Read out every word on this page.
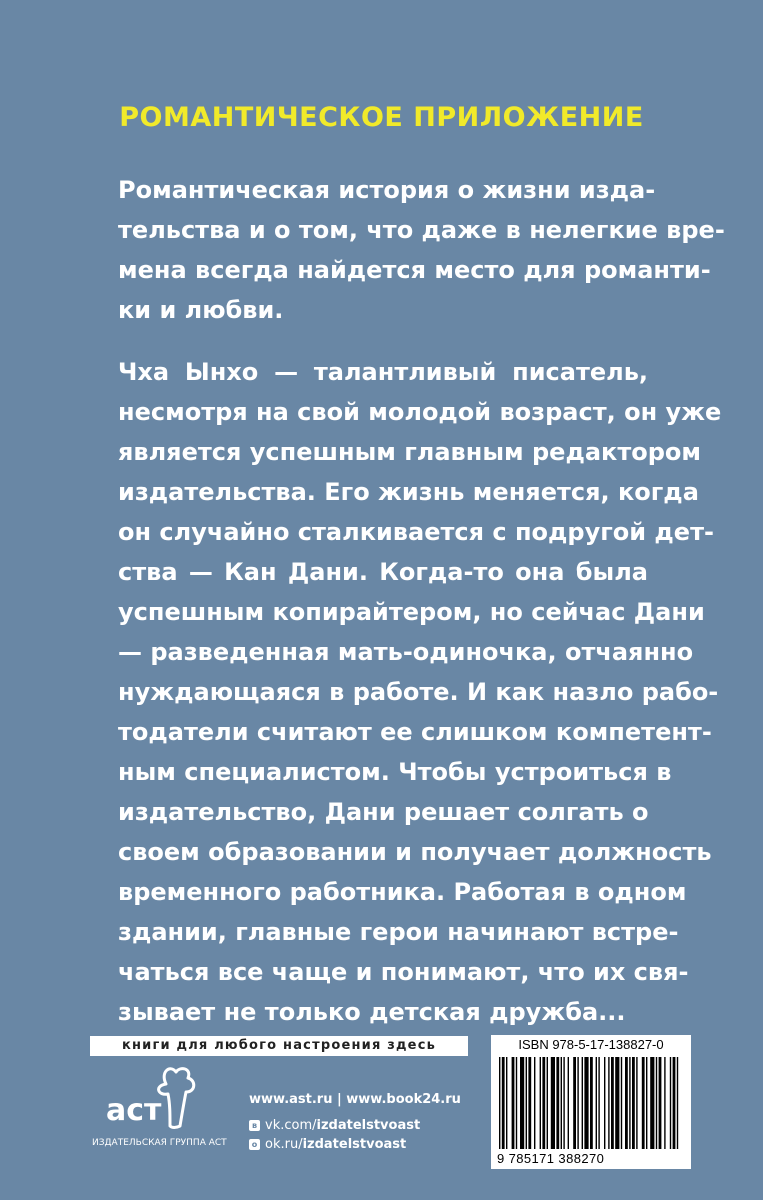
РОМАНТИЧЕСКОЕ ПРИЛОЖЕНИЕ

Романтическая история о жизни изда-
тельства и о том, что даже в нелегкие вре-
мена всегда найдется место для романти-
ки и любви.

Чха Ынхо — талантливый писатель,
несмотря на свой молодой возраст, он уже
является успешным главным редактором
издательства. Его жизнь меняется, когда
он случайно сталкивается с подругой дет-
ства — Кан Дани. Когда-то она была
успешным копирайтером, но сейчас Дани
— разведенная мать-одиночка, отчаянно
нуждающаяся в работе. И как назло рабо-
тодатели считают ее слишком компетент-
ным специалистом. Чтобы устроиться в
издательство, Дани решает солгать о
своем образовании и получает должность
временного работника. Работая в одном
здании, главные герои начинают встре-
чаться все чаще и понимают, что их свя-
зывает не только детская дружба...

книги для любого настроения здесь
аст
ИЗДАТЕЛЬСКАЯ ГРУППА АСТ
www.ast.ru | www.book24.ru
в vk.com/ izdatelstvoast
о ok.ru/ izdatelstvoast
ISBN 978-5-17-138827-0
9 785171 388270
